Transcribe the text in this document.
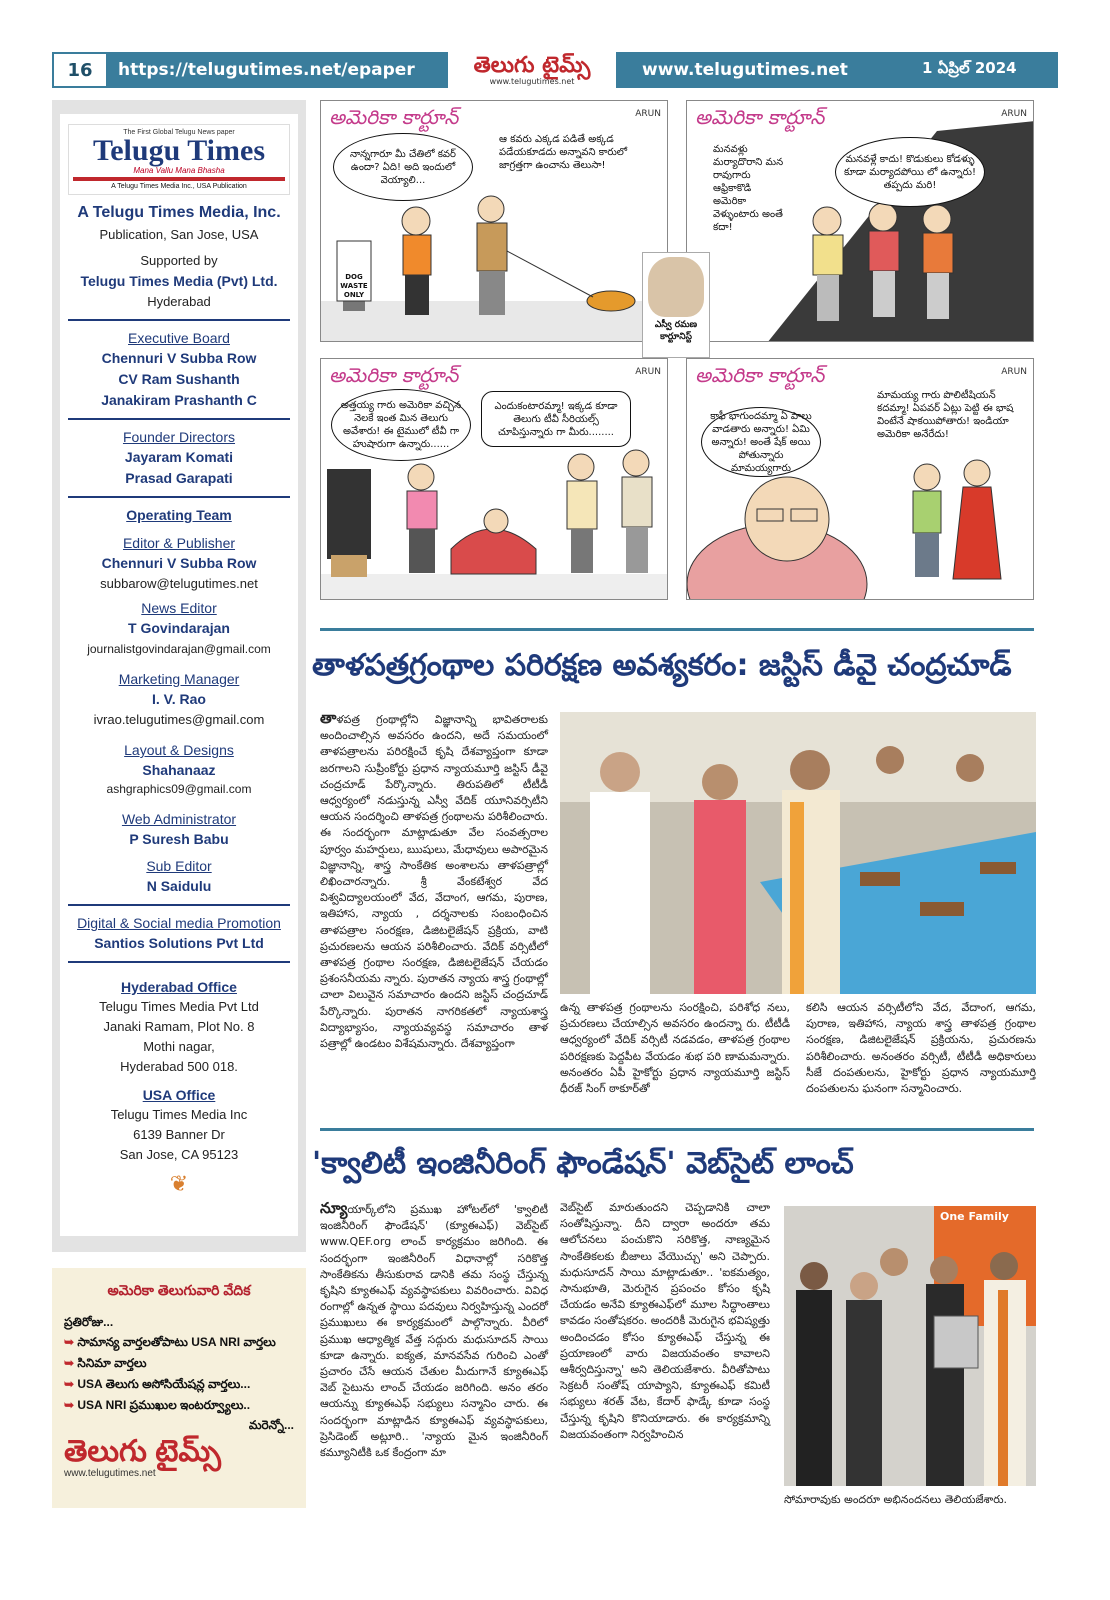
16	https://telugutimes.net/epaper	తెలుగు టైమ్స్
www.telugutimes.net
www.telugutimes.net	1 ఏప్రిల్ 2024
The First Global Telugu News paper
Telugu Times
Mana Vallu Mana Bhasha
A Telugu Times Media Inc., USA Publication
A Telugu Times Media, Inc.
Publication, San Jose, USA
Supported by
Telugu Times Media (Pvt) Ltd.
Hyderabad
Executive Board
Chennuri V Subba Row
CV Ram Sushanth
Janakiram Prashanth C
Founder Directors
Jayaram Komati
Prasad Garapati
Operating Team
Editor & Publisher
Chennuri V Subba Row
subbarow@telugutimes.net
News Editor
T Govindarajan
journalistgovindarajan@gmail.com
Marketing Manager
I. V. Rao
ivrao.telugutimes@gmail.com
Layout & Designs
Shahanaaz
ashgraphics09@gmail.com
Web Administrator
P Suresh Babu
Sub Editor
N Saidulu
Digital & Social media Promotion
Santios Solutions Pvt Ltd
Hyderabad Office
Telugu Times Media Pvt Ltd
Janaki Ramam, Plot No. 8
Mothi nagar,
Hyderabad 500 018.
USA Office
Telugu Times Media Inc
6139 Banner Dr
San Jose, CA 95123
❦
అమెరికా తెలుగువారి వేదిక
ప్రతిరోజు...
➥ సామాన్య వార్తలతోపాటు USA NRI వార్తలు
➥ సినిమా వార్తలు
➥ USA తెలుగు అసోసియేషన్ల వార్తలు...
➥ USA NRI ప్రముఖుల ఇంటర్వ్యూలు..
మరెన్నో...
తెలుగు టైమ్స్
www.telugutimes.net
అమెరికా కార్టూన్	ARUN
నాన్నగారూ మీ చేతిలో కవర్ ఉందా? ఏది! అది ఇందులో వెయ్యాలి...
ఆ కవరు ఎక్కడ పడితే అక్కడ పడేయకూడదు అన్నావని కారులో జాగ్రత్తగా ఉంచాను తెలుసా!
DOG WASTE ONLY
అమెరికా కార్టూన్	ARUN
మనవళ్లు మర్యాదొరాని మన రావుగారు ఆఫ్రికాకొడి అమెరికా వెళ్ళుంటారు అంతే కదా!
మనవళ్లే కాదు! కొడుకులు కోడళ్ళు కూడా మర్యాదపోయి లో ఉన్నారు! తప్పదు మరి!
ఎస్వీ రమణ
కార్టూనిస్ట్
అమెరికా కార్టూన్	ARUN
అత్తయ్య గారు అమెరికా వచ్చిన నెలకే ఇంత మిన తెలుగు అవేశారు! ఈ టైములో టీవీ గా హుషారుగా ఉన్నారు......
ఎందుకంటారమ్మా! ఇక్కడ కూడా తెలుగు టీవీ సీరియల్స్ చూపిస్తున్నారు గా మీరు........
అమెరికా కార్టూన్	ARUN
కాఫీ భాగుందమ్మా ఏ పాలు వాడతారు అన్నారు! ఏమి అన్నారు! అంతే షేక్ అయి పోతున్నారు మామయ్యగారు
మామయ్య గారు పొలిటీషియన్ కదమ్మా! ఏపవర్ ఏట్లు పెట్టి ఈ భాష వింటేనే షాకయిపోతారు! ఇండియా అమెరికా అనేరేదు!
తాళపత్రగ్రంథాల పరిరక్షణ అవశ్యకరం: జస్టిస్ డీవై చంద్రచూడ్
తాళపత్ర గ్రంథాల్లోని విజ్ఞానాన్ని భావితరాలకు అందించాల్సిన అవసరం ఉందని, అదే సమయంలో తాళపత్రాలను పరిరక్షించే కృషి దేశవ్యాప్తంగా కూడా జరగాలని సుప్రీంకోర్టు ప్రధాన న్యాయమూర్తి జస్టిస్ డీవై చంద్రచూడ్ పేర్కొన్నారు. తిరుపతిలో టీటీడీ ఆధ్వర్యంలో నడుస్తున్న ఎస్వీ వేదిక్ యూనివర్సిటీని ఆయన సందర్శించి తాళపత్ర గ్రంథాలను పరిశీలించారు. ఈ సందర్భంగా మాట్లాడుతూ వేల సంవత్సరాల పూర్వం మహర్షులు, ఋషులు, మేధావులు అపారమైన విజ్ఞానాన్ని, శాస్త్ర సాంకేతిక అంశాలను తాళపత్రాల్లో లిఖించారన్నారు. శ్రీ వేంకటేశ్వర వేద విశ్వవిద్యాలయంలో వేద, వేదాంగ, ఆగమ, పురాణ, ఇతిహాస, న్యాయ , దర్శనాలకు సంబంధించిన తాళపత్రాల సంరక్షణ, డిజిటలైజేషన్ ప్రక్రియ, వాటి ప్రచురణలను ఆయన పరిశీలించారు. వేదిక్ వర్సిటీలో తాళపత్ర గ్రంథాల సంరక్షణ, డిజిటలైజేషన్ చేయడం ప్రశంసనీయమ న్నారు. పురాతన న్యాయ శాస్త్ర గ్రంథాల్లో చాలా విలువైన సమాచారం ఉందని జస్టిస్ చంద్రచూడ్ పేర్కొన్నారు. పురాతన నాగరికతలో న్యాయశాస్త్ర విద్యాభ్యాసం, న్యాయవ్యవస్థ సమాచారం తాళ పత్రాల్లో ఉండటం విశేషమన్నారు. దేశవ్యాప్తంగా
ఉన్న తాళపత్ర గ్రంథాలను సంరక్షించి, పరిశోధ నలు, ప్రచురణలు చేయాల్సిన అవసరం ఉందన్నా రు. టీటీడీ ఆధ్వర్యంలో వేదిక్ వర్సిటీ నడవడం, తాళపత్ర గ్రంథాల పరిరక్షణకు పెద్దపీట వేయడం శుభ పరి ణామమన్నారు. అనంతరం ఏపీ హైకోర్టు ప్రధాన న్యాయమూర్తి జస్టిస్ ధీరజ్ సింగ్ ఠాకూర్‌తో
కలిసి ఆయన వర్సిటీలోని వేద, వేదాంగ, ఆగమ, పురాణ, ఇతిహాస, న్యాయ శాస్త్ర తాళపత్ర గ్రంథాల సంరక్షణ, డిజిటలైజేషన్ ప్రక్రియను, ప్రచురణను పరిశీలించారు. అనంతరం వర్సిటీ, టీటీడీ అధికారులు సీజే దంపతులను, హైకోర్టు ప్రధాన న్యాయమూర్తి దంపతులను ఘనంగా సన్మానించారు.
'క్వాలిటీ ఇంజినీరింగ్ ఫౌండేషన్' వెబ్‌సైట్ లాంచ్
న్యూయార్క్‌లోని ప్రముఖ హోటల్‌లో 'క్వాలిటీ ఇంజినీరింగ్ ఫౌండేషన్' (క్యూఈఎఫ్) వెబ్‌సైట్ www.QEF.org లాంచ్ కార్యక్రమం జరిగింది. ఈ సందర్భంగా ఇంజినీరింగ్ విధానాల్లో సరికొత్త సాంకేతికను తీసుకురావ డానికి తమ సంస్థ చేస్తున్న కృషిని క్యూఈఎఫ్ వ్యవస్థాపకులు వివరించారు. వివిధ రంగాల్లో ఉన్నత స్థాయి పదవులు నిర్వహిస్తున్న ఎందరో ప్రముఖులు ఈ కార్యక్రమంలో పాల్గొన్నారు. వీరిలో ప్రముఖ ఆధ్యాత్మిక వేత్త సద్గురు మధుసూదన్ సాయి కూడా ఉన్నారు. ఐక్యత, మానవసేవ గురించి ఎంతో ప్రచారం చేసే ఆయన చేతుల మీదుగానే క్యూఈఎఫ్ వెబ్ సైటును లాంచ్ చేయడం జరిగింది. అనం తరం ఆయన్ను క్యూఈఎఫ్ సభ్యులు సన్మానిం చారు. ఈ సందర్భంగా మాట్లాడిన క్యూఈఎఫ్ వ్యవస్థాపకులు, ప్రెసిడెంట్ అట్లూరి.. 'న్యాయ మైన ఇంజినీరింగ్ కమ్యూనిటీకి ఒక కేంద్రంగా మా
వెబ్‌సైట్ మారుతుందని చెప్పడానికి చాలా సంతోషిస్తున్నా. దీని ద్వారా అందరూ తమ ఆలోచనలు పంచుకొని సరికొత్త, నాణ్యమైన సాంకేతికలకు బీజాలు వేయొచ్చు' అని చెప్పారు. మధుసూదన్ సాయి మాట్లాడుతూ.. 'ఐకమత్యం, సానుభూతి, మెరుగైన ప్రపంచం కోసం కృషి చేయడం అనేవి క్యూఈఎఫ్‌లో మూల సిద్ధాంతాలు కావడం సంతోషకరం. అందరికీ మెరుగైన భవిష్యత్తు అందించడం కోసం క్యూఈఎఫ్ చేస్తున్న ఈ ప్రయాణంలో వారు విజయవంతం కావాలని ఆశీర్వదిస్తున్నా' అని తెలియజేశారు. వీరితోపాటు సెక్రటరీ సంతోష్ యాప్యాని, క్యూఈఎఫ్ కమిటీ సభ్యులు శరత్ వేట, కేదార్ ఫాడ్కే కూడా సంస్థ చేస్తున్న కృషిని కొనియాడారు. ఈ కార్యక్రమాన్ని విజయవంతంగా నిర్వహించిన
One Family
సోమారావుకు అందరూ అభినందనలు తెలియజేశారు.
